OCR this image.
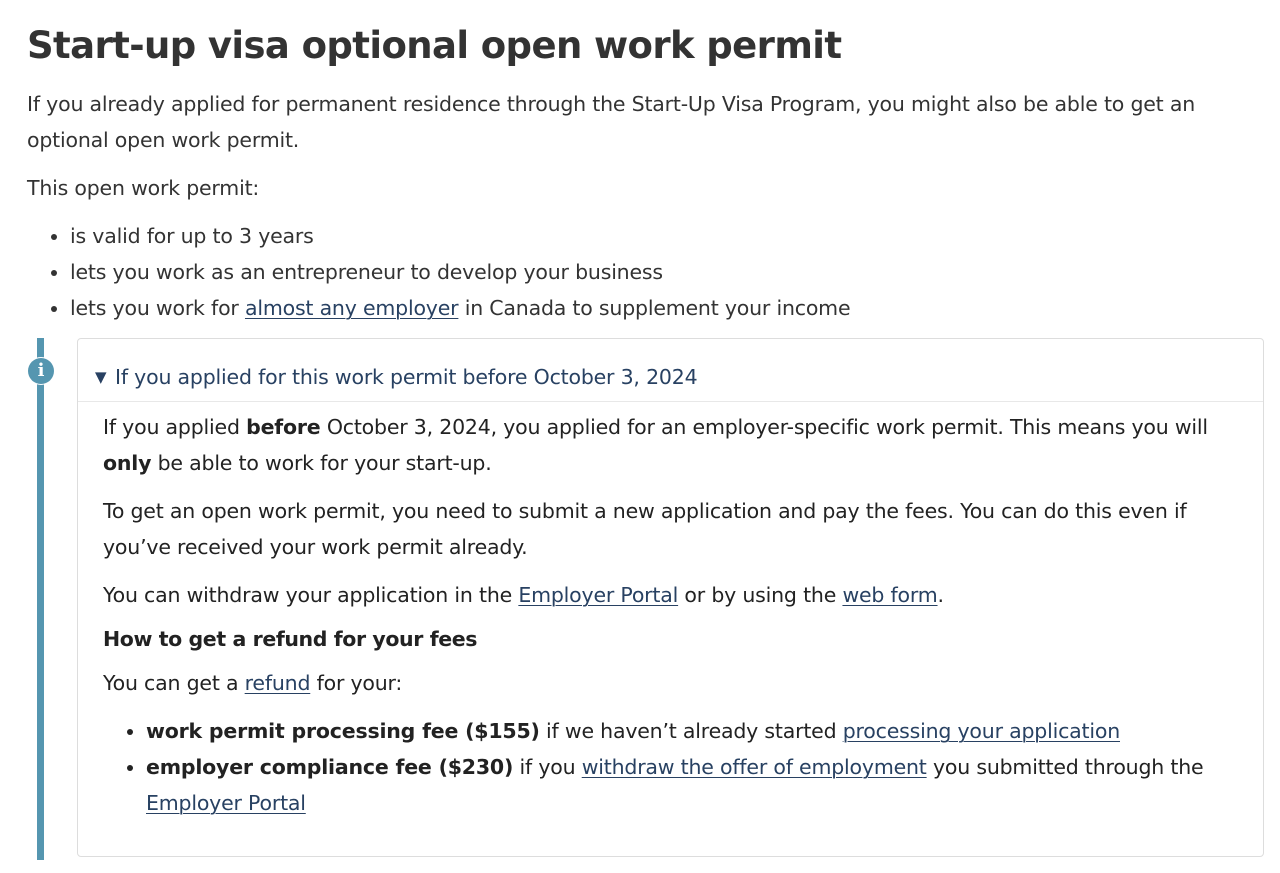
Start-up visa optional open work permit

If you already applied for permanent residence through the Start-Up Visa Program, you might also be able to get an optional open work permit.

This open work permit:

• is valid for up to 3 years
• lets you work as an entrepreneur to develop your business
• lets you work for almost any employer in Canada to supplement your income
i	▼ If you applied for this work permit before October 3, 2024

If you applied before October 3, 2024, you applied for an employer-specific work permit. This means you will only be able to work for your start-up.

To get an open work permit, you need to submit a new application and pay the fees. You can do this even if you’ve received your work permit already.

You can withdraw your application in the Employer Portal or by using the web form.

How to get a refund for your fees

You can get a refund for your:

• work permit processing fee ($155) if we haven’t already started processing your application
• employer compliance fee ($230) if you withdraw the offer of employment you submitted through the Employer Portal
